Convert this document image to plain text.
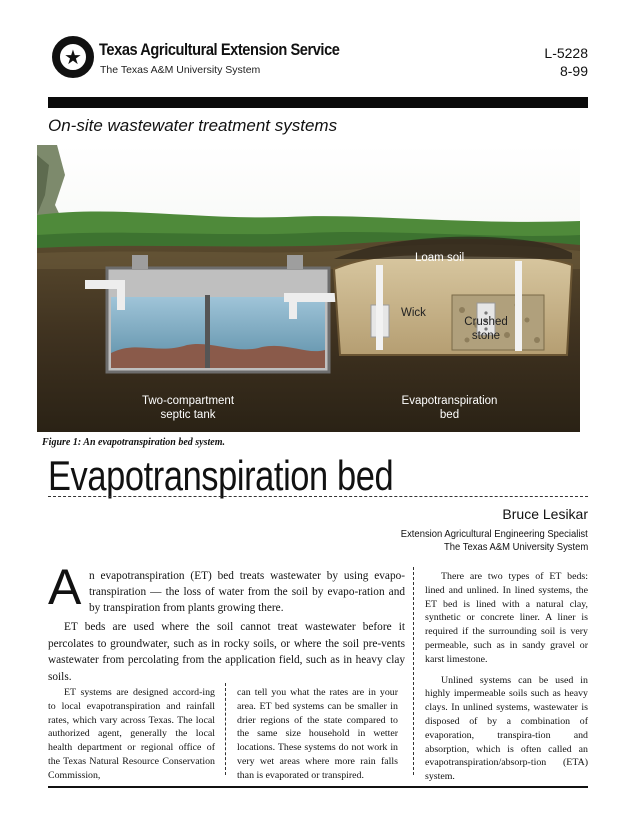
★ Texas Agricultural Extension Service
The Texas A&M University System
L-5228
8-99
On-site wastewater treatment systems
Loam soil
Wick
Crushed
stone
Two-compartment
septic tank
Evapotranspiration
bed
Figure 1: An evapotranspiration bed system.
Evapotranspiration bed
Bruce Lesikar
Extension Agricultural Engineering Specialist
The Texas A&M University System
A n evapotranspiration (ET) bed treats wastewater by using evapo-transpiration — the loss of water from the soil by evapo-ration and by transpiration from plants growing there.
ET beds are used where the soil cannot treat wastewater before it percolates to groundwater, such as in rocky soils, or where the soil pre-vents wastewater from percolating from the application field, such as in heavy clay soils.

ET systems are designed accord-ing to local evapotranspiration and rainfall rates, which vary across Texas. The local authorized agent, generally the local health department or regional office of the Texas Natural Resource Conservation Commission,

can tell you what the rates are in your area. ET bed systems can be smaller in drier regions of the state compared to the same size household in wetter locations. These systems do not work in very wet areas where more rain falls than is evaporated or transpired.

There are two types of ET beds: lined and unlined. In lined systems, the ET bed is lined with a natural clay, synthetic or concrete liner. A liner is required if the surrounding soil is very permeable, such as in sandy gravel or karst limestone.

Unlined systems can be used in highly impermeable soils such as heavy clays. In unlined systems, wastewater is disposed of by a combination of evaporation, transpira-tion and absorption, which is often called an evapotranspiration/absorp-tion (ETA) system.
